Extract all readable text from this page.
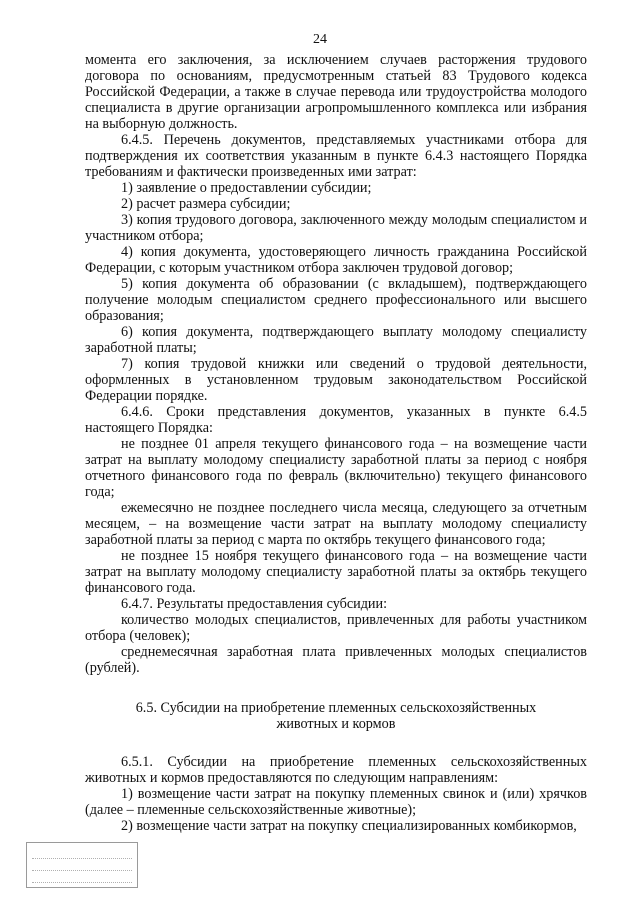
24

момента его заключения, за исключением случаев расторжения трудового договора по основаниям, предусмотренным статьей 83 Трудового кодекса Российской Федерации, а также в случае перевода или трудоустройства молодого специалиста в другие организации агропромышленного комплекса или избрания на выборную должность.

6.4.5. Перечень документов, представляемых участниками отбора для подтверждения их соответствия указанным в пункте 6.4.3 настоящего Порядка требованиям и фактически произведенных ими затрат:

1) заявление о предоставлении субсидии;

2) расчет размера субсидии;

3) копия трудового договора, заключенного между молодым специалистом и участником отбора;

4) копия документа, удостоверяющего личность гражданина Российской Федерации, с которым участником отбора заключен трудовой договор;

5) копия документа об образовании (с вкладышем), подтверждающего получение молодым специалистом среднего профессионального или высшего образования;

6) копия документа, подтверждающего выплату молодому специалисту заработной платы;

7) копия трудовой книжки или сведений о трудовой деятельности, оформленных в установленном трудовым законодательством Российской Федерации порядке.

6.4.6. Сроки представления документов, указанных в пункте 6.4.5 настоящего Порядка:

не позднее 01 апреля текущего финансового года – на возмещение части затрат на выплату молодому специалисту заработной платы за период с ноября отчетного финансового года по февраль (включительно) текущего финансового года;

ежемесячно не позднее последнего числа месяца, следующего за отчетным месяцем, – на возмещение части затрат на выплату молодому специалисту заработной платы за период с марта по октябрь текущего финансового года;

не позднее 15 ноября текущего финансового года – на возмещение части затрат на выплату молодому специалисту заработной платы за октябрь текущего финансового года.

6.4.7. Результаты предоставления субсидии:

количество молодых специалистов, привлеченных для работы участником отбора (человек);

среднемесячная заработная плата привлеченных молодых специалистов (рублей).

6.5. Субсидии на приобретение племенных сельскохозяйственных животных и кормов

6.5.1. Субсидии на приобретение племенных сельскохозяйственных животных и кормов предоставляются по следующим направлениям:

1) возмещение части затрат на покупку племенных свинок и (или) хрячков (далее – племенные сельскохозяйственные животные);

2) возмещение части затрат на покупку специализированных комбикормов,
